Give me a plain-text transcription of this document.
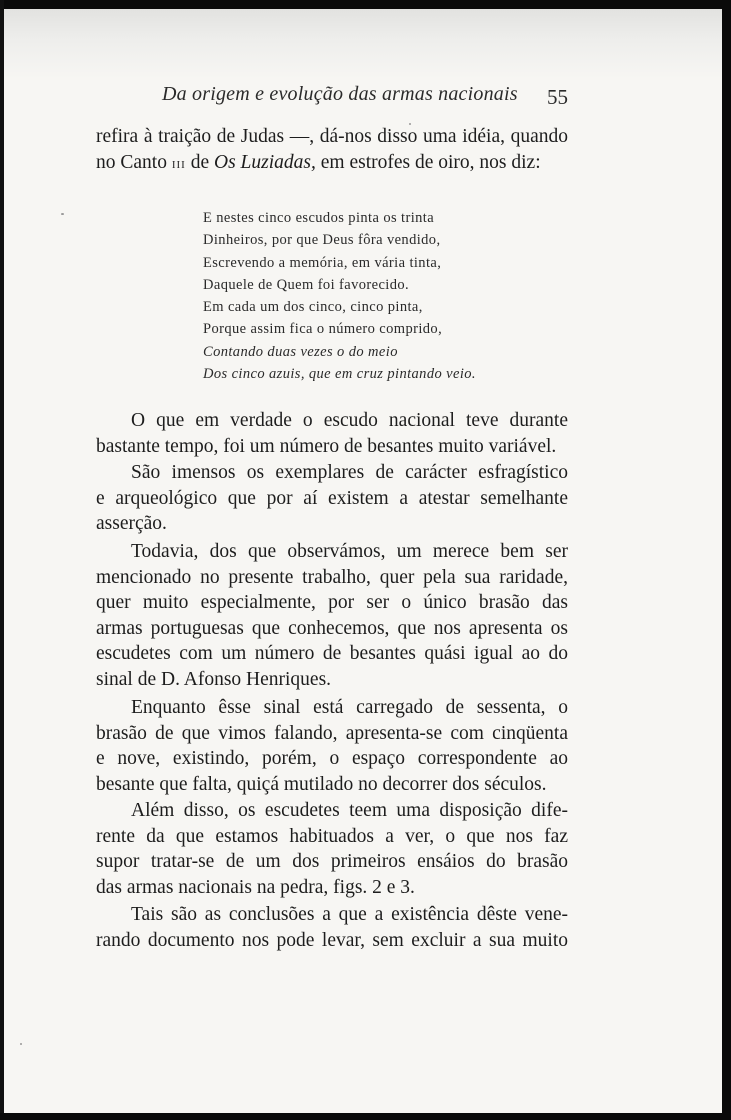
Da origem e evolução das armas nacionais 55
refira à traição de Judas —, dá-nos disso uma idéia, quando
no Canto iii de Os Luziadas, em estrofes de oiro, nos diz:
E nestes cinco escudos pinta os trinta
Dinheiros, por que Deus fôra vendido,
Escrevendo a memória, em vária tinta,
Daquele de Quem foi favorecido.
Em cada um dos cinco, cinco pinta,
Porque assim fica o número comprido,
Contando duas vezes o do meio
Dos cinco azuis, que em cruz pintando veio.
O que em verdade o escudo nacional teve durante
bastante tempo, foi um número de besantes muito variável.
São imensos os exemplares de carácter esfragístico
e arqueológico que por aí existem a atestar semelhante
asserção.
Todavia, dos que observámos, um merece bem ser
mencionado no presente trabalho, quer pela sua raridade,
quer muito especialmente, por ser o único brasão das
armas portuguesas que conhecemos, que nos apresenta os
escudetes com um número de besantes quási igual ao do
sinal de D. Afonso Henriques.
Enquanto êsse sinal está carregado de sessenta, o
brasão de que vimos falando, apresenta-se com cinqüenta
e nove, existindo, porém, o espaço correspondente ao
besante que falta, quiçá mutilado no decorrer dos séculos.
Além disso, os escudetes teem uma disposição dife-
rente da que estamos habituados a ver, o que nos faz
supor tratar-se de um dos primeiros ensáios do brasão
das armas nacionais na pedra, figs. 2 e 3.
Tais são as conclusões a que a existência dêste vene-
rando documento nos pode levar, sem excluir a sua muito
